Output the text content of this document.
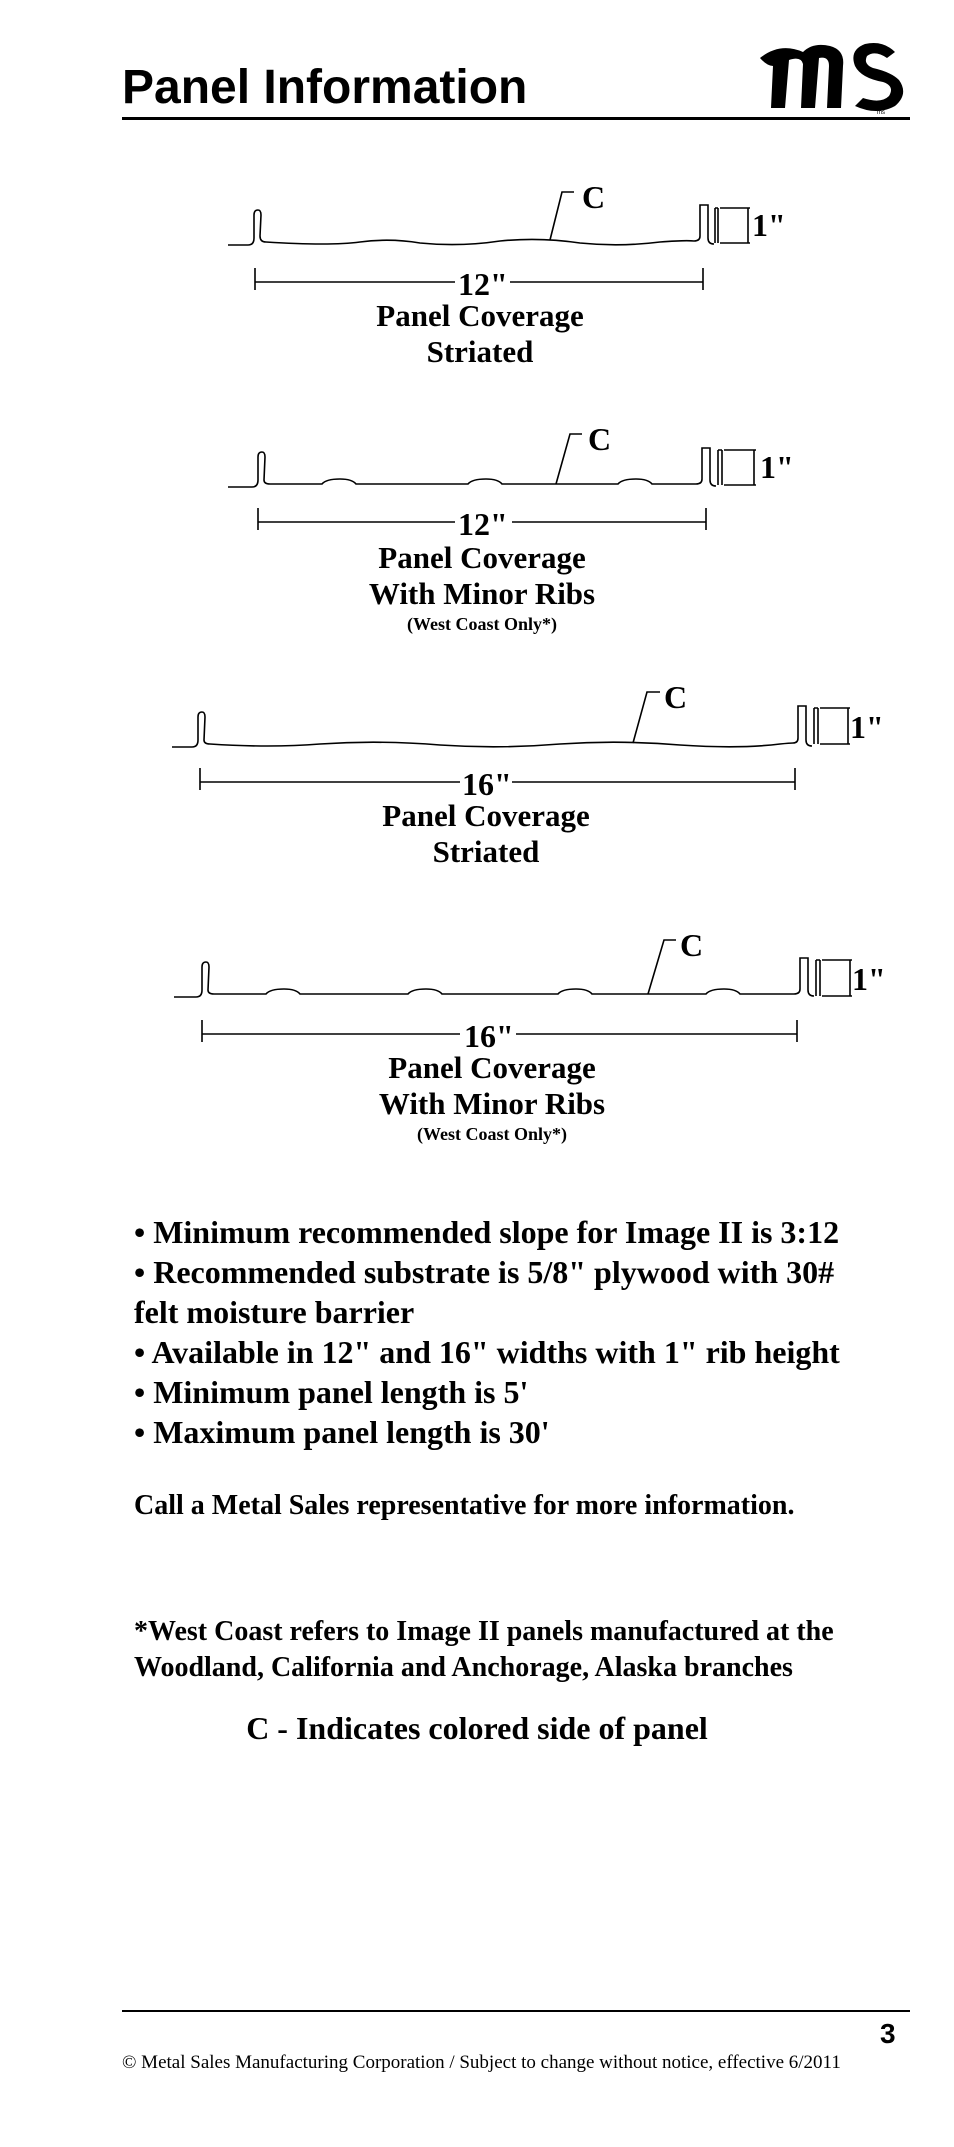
Panel Information	ms
C
1"
12"
Panel Coverage
Striated
C
1"
12"
Panel Coverage
With Minor Ribs
(West Coast Only*)
C
1"
16"
Panel Coverage
Striated
C
1"
16"
Panel Coverage
With Minor Ribs
(West Coast Only*)
• Minimum recommended slope for Image II is 3:12
• Recommended substrate is 5/8" plywood with 30#
felt moisture barrier
• Available in 12" and 16" widths with 1" rib height
• Minimum panel length is 5'
• Maximum panel length is 30'
Call a Metal Sales representative for more information.
*West Coast refers to Image II panels manufactured at the
Woodland, California and Anchorage, Alaska branches
C - Indicates colored side of panel
3
© Metal Sales Manufacturing Corporation / Subject to change without notice, effective 6/2011
